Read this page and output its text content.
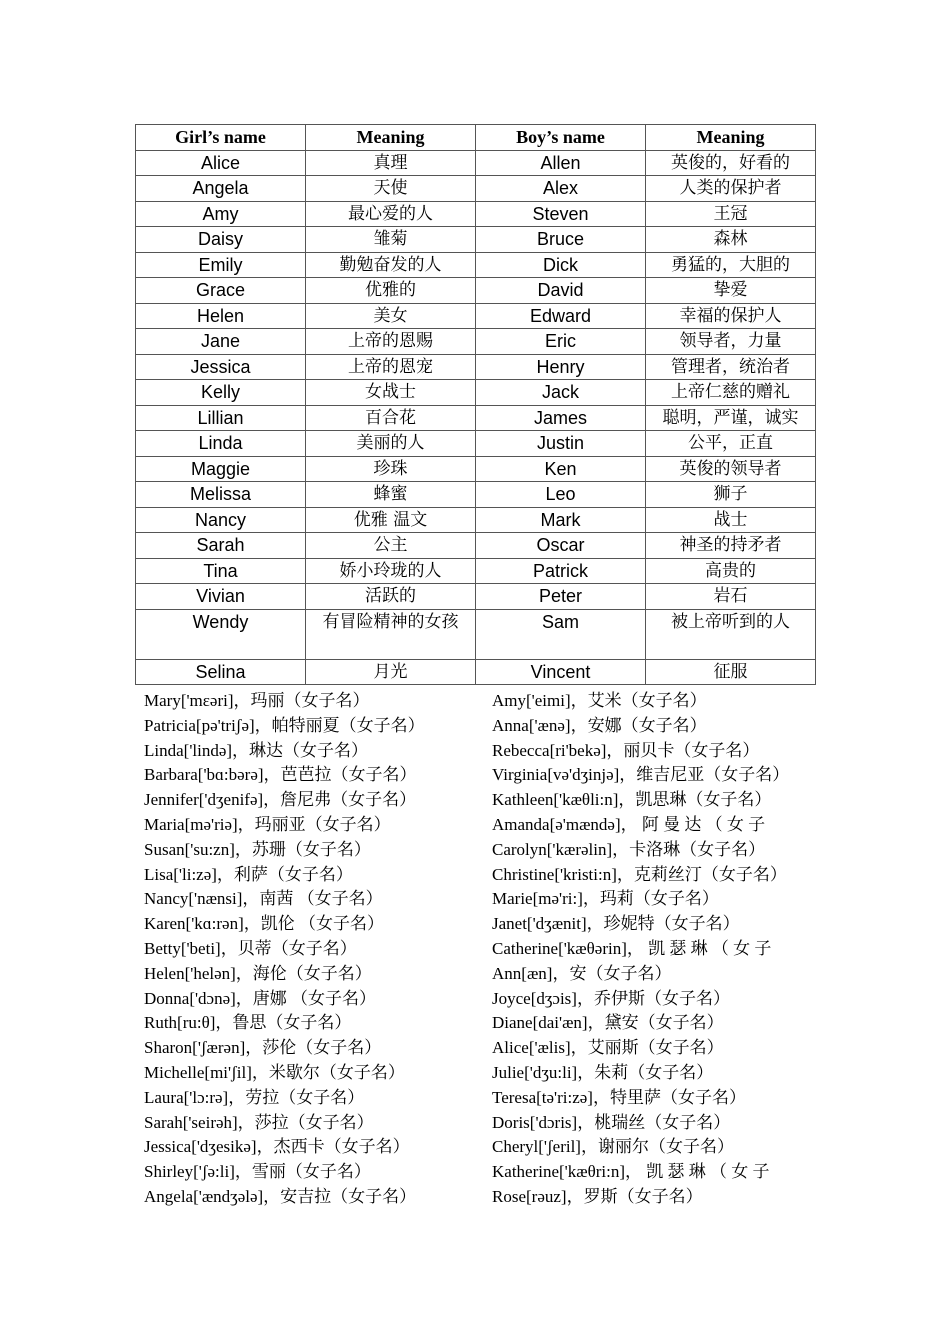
Girl’s name	Meaning	Boy’s name	Meaning
Alice	真理	Allen	英俊的，好看的
Angela	天使	Alex	人类的保护者
Amy	最心爱的人	Steven	王冠
Daisy	雏菊	Bruce	森林
Emily	勤勉奋发的人	Dick	勇猛的，大胆的
Grace	优雅的	David	挚爱
Helen	美女	Edward	幸福的保护人
Jane	上帝的恩赐	Eric	领导者，力量
Jessica	上帝的恩宠	Henry	管理者，统治者
Kelly	女战士	Jack	上帝仁慈的赠礼
Lillian	百合花	James	聪明，严谨，诚实
Linda	美丽的人	Justin	公平，正直
Maggie	珍珠	Ken	英俊的领导者
Melissa	蜂蜜	Leo	狮子
Nancy	优雅 温文	Mark	战士
Sarah	公主	Oscar	神圣的持矛者
Tina	娇小玲珑的人	Patrick	高贵的
Vivian	活跃的	Peter	岩石
Wendy	有冒险精神的女孩	Sam	被上帝听到的人
Selina	月光	Vincent	征服
Mary['mεəri]，玛丽（女子名）
Patricia[pə'triʃə]，帕特丽夏（女子名）
Linda['lində]，琳达（女子名）
Barbara['bɑ:bərə]，芭芭拉（女子名）
Jennifer['dʒenifə]，詹尼弗（女子名）
Maria[mə'riə]，玛丽亚（女子名）
Susan['su:zn]，苏珊（女子名）
Lisa['li:zə]，利萨（女子名）
Nancy['nænsi]，南茜 （女子名）
Karen['kɑ:rən]，凯伦 （女子名）
Betty['beti]，贝蒂（女子名）
Helen['helən]，海伦（女子名）
Donna['dɔnə]，唐娜 （女子名）
Ruth[ru:θ]，鲁思（女子名）
Sharon['ʃærən]，莎伦（女子名）
Michelle[mi'ʃil]，米歇尔（女子名）
Laura['lɔ:rə]，劳拉（女子名）
Sarah['seirəh]，莎拉（女子名）
Jessica['dʒesikə]，杰西卡（女子名）
Shirley['ʃə:li]，雪丽（女子名）
Angela['ændʒələ]，安吉拉（女子名）
Amy['eimi]，艾米（女子名）
Anna['ænə]，安娜（女子名）
Rebecca[ri'bekə]，丽贝卡（女子名）
Virginia[və'dʒinjə]，维吉尼亚（女子名）
Kathleen['kæθli:n]，凯思琳（女子名）
Amanda[ə'mændə]， 阿 曼 达 （ 女 子
Carolyn['kærəlin]，卡洛琳（女子名）
Christine['kristi:n]，克莉丝汀（女子名）
Marie[mə'ri:]，玛莉（女子名）
Janet['dʒænit]，珍妮特（女子名）
Catherine['kæθərin]， 凯 瑟 琳 （ 女 子
Ann[æn]，安（女子名）
Joyce[dʒɔis]，乔伊斯（女子名）
Diane[dai'æn]，黛安（女子名）
Alice['ælis]，艾丽斯（女子名）
Julie['dʒu:li]，朱莉（女子名）
Teresa[tə'ri:zə]，特里萨（女子名）
Doris['dɔris]，桃瑞丝（女子名）
Cheryl['ʃeril]，谢丽尔（女子名）
Katherine['kæθri:n]， 凯 瑟 琳 （ 女 子
Rose[rəuz]，罗斯（女子名）
